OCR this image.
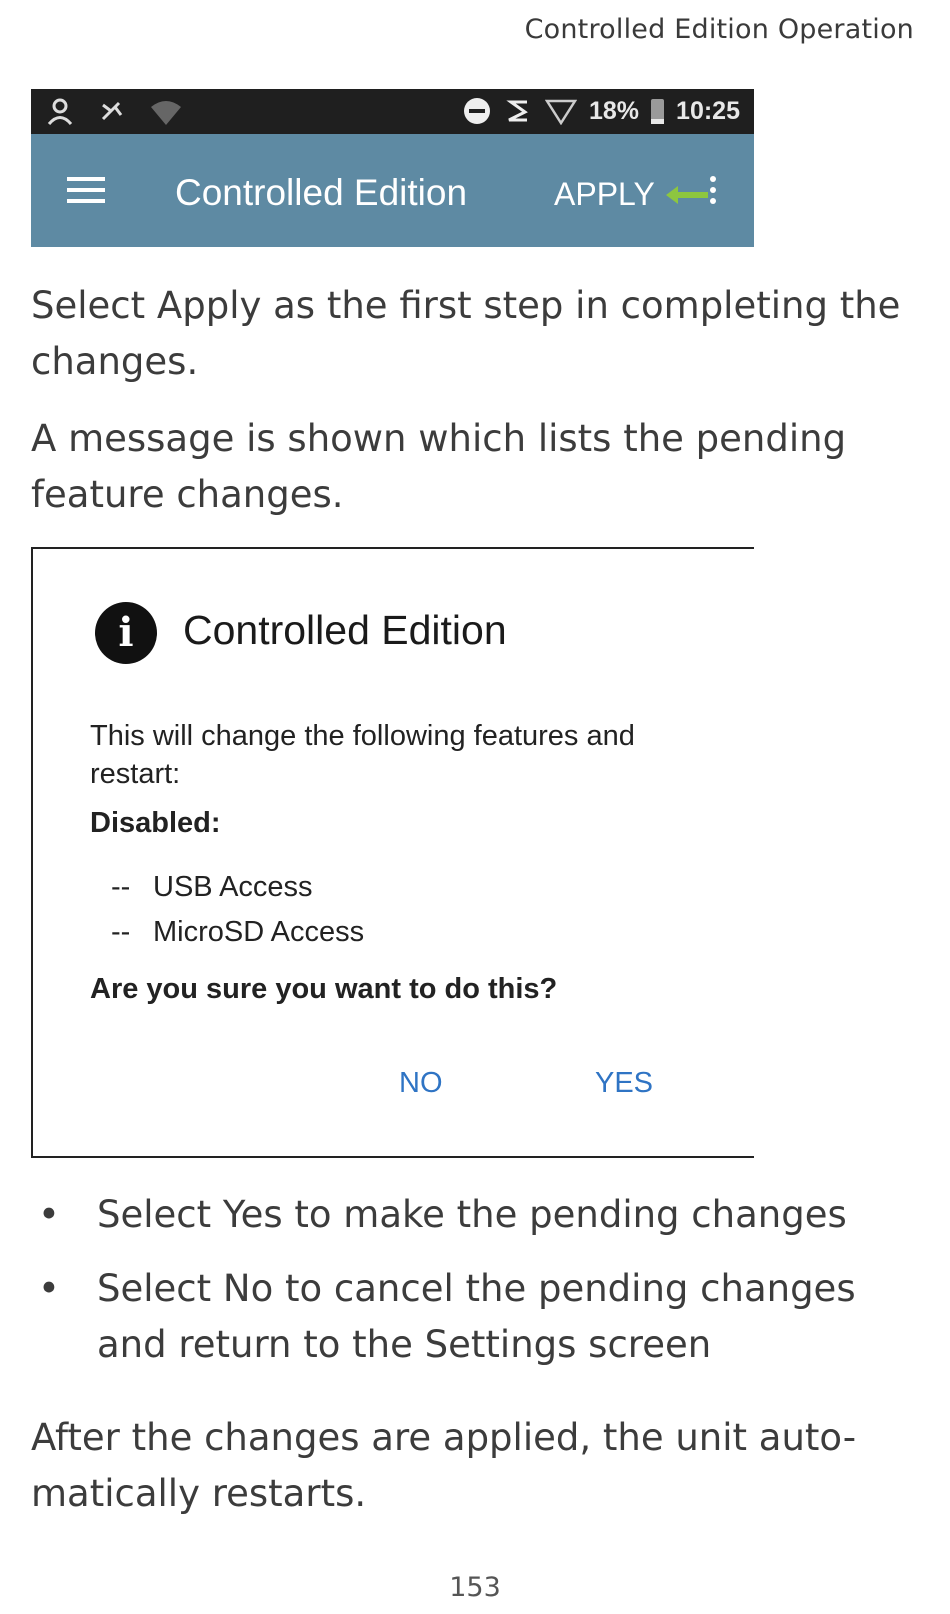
Controlled Edition Operation
18% 10:25
Controlled Edition	APPLY
Select Apply as the first step in completing the changes.
A message is shown which lists the pending feature changes.
i	Controlled Edition
This will change the following features and restart:
Disabled:
-- USB Access
-- MicroSD Access
Are you sure you want to do this?
NO	YES
• Select Yes to make the pending changes
• Select No to cancel the pending changes and return to the Settings screen
After the changes are applied, the unit auto-matically restarts.
153
